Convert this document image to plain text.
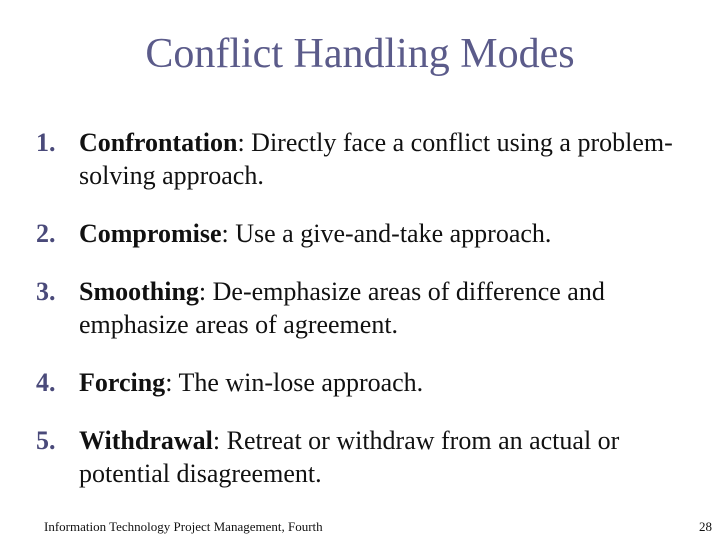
Conflict Handling Modes
1. Confrontation: Directly face a conflict using a problem-solving approach.
2. Compromise: Use a give-and-take approach.
3. Smoothing: De-emphasize areas of difference and emphasize areas of agreement.
4. Forcing: The win-lose approach.
5. Withdrawal: Retreat or withdraw from an actual or potential disagreement.
Information Technology Project Management, Fourth	28
